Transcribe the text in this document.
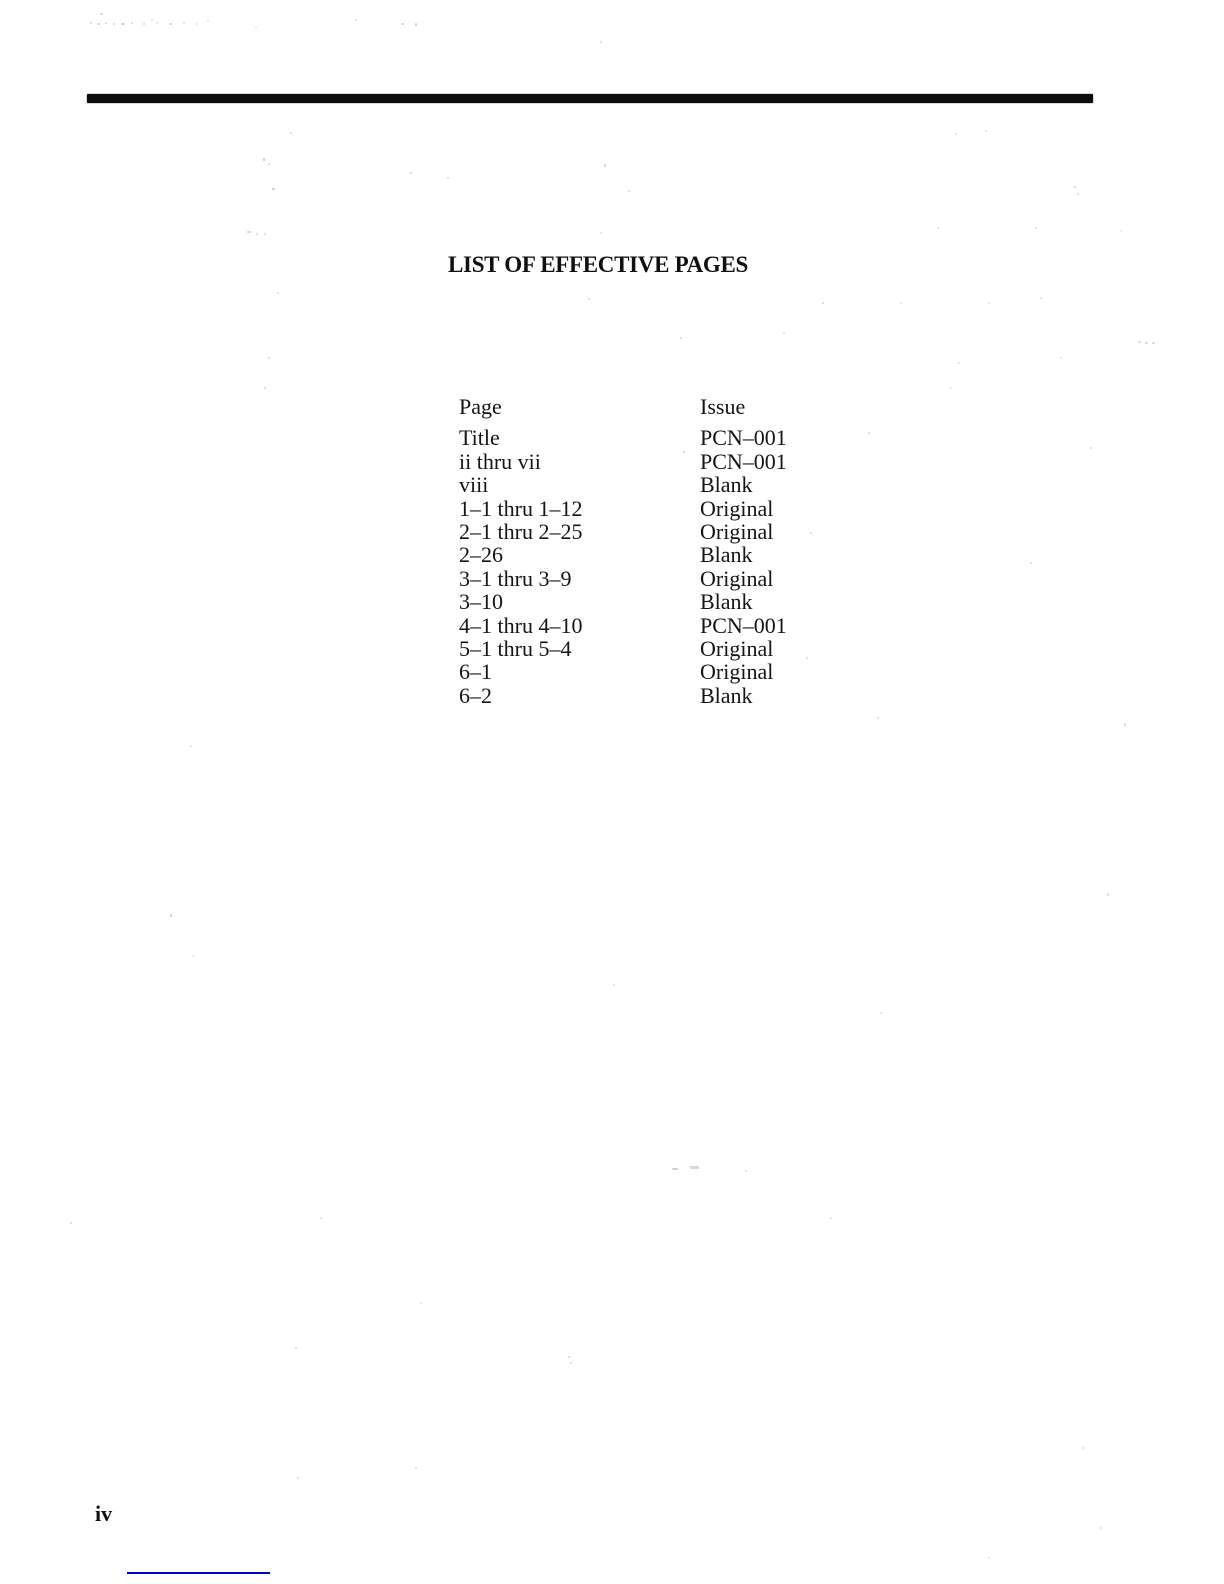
LIST OF EFFECTIVE PAGES
Page	Issue
Title	PCN–001
ii thru vii	PCN–001
viii	Blank
1–1 thru 1–12	Original
2–1 thru 2–25	Original
2–26	Blank
3–1 thru 3–9	Original
3–10	Blank
4–1 thru 4–10	PCN–001
5–1 thru 5–4	Original
6–1	Original
6–2	Blank
iv
